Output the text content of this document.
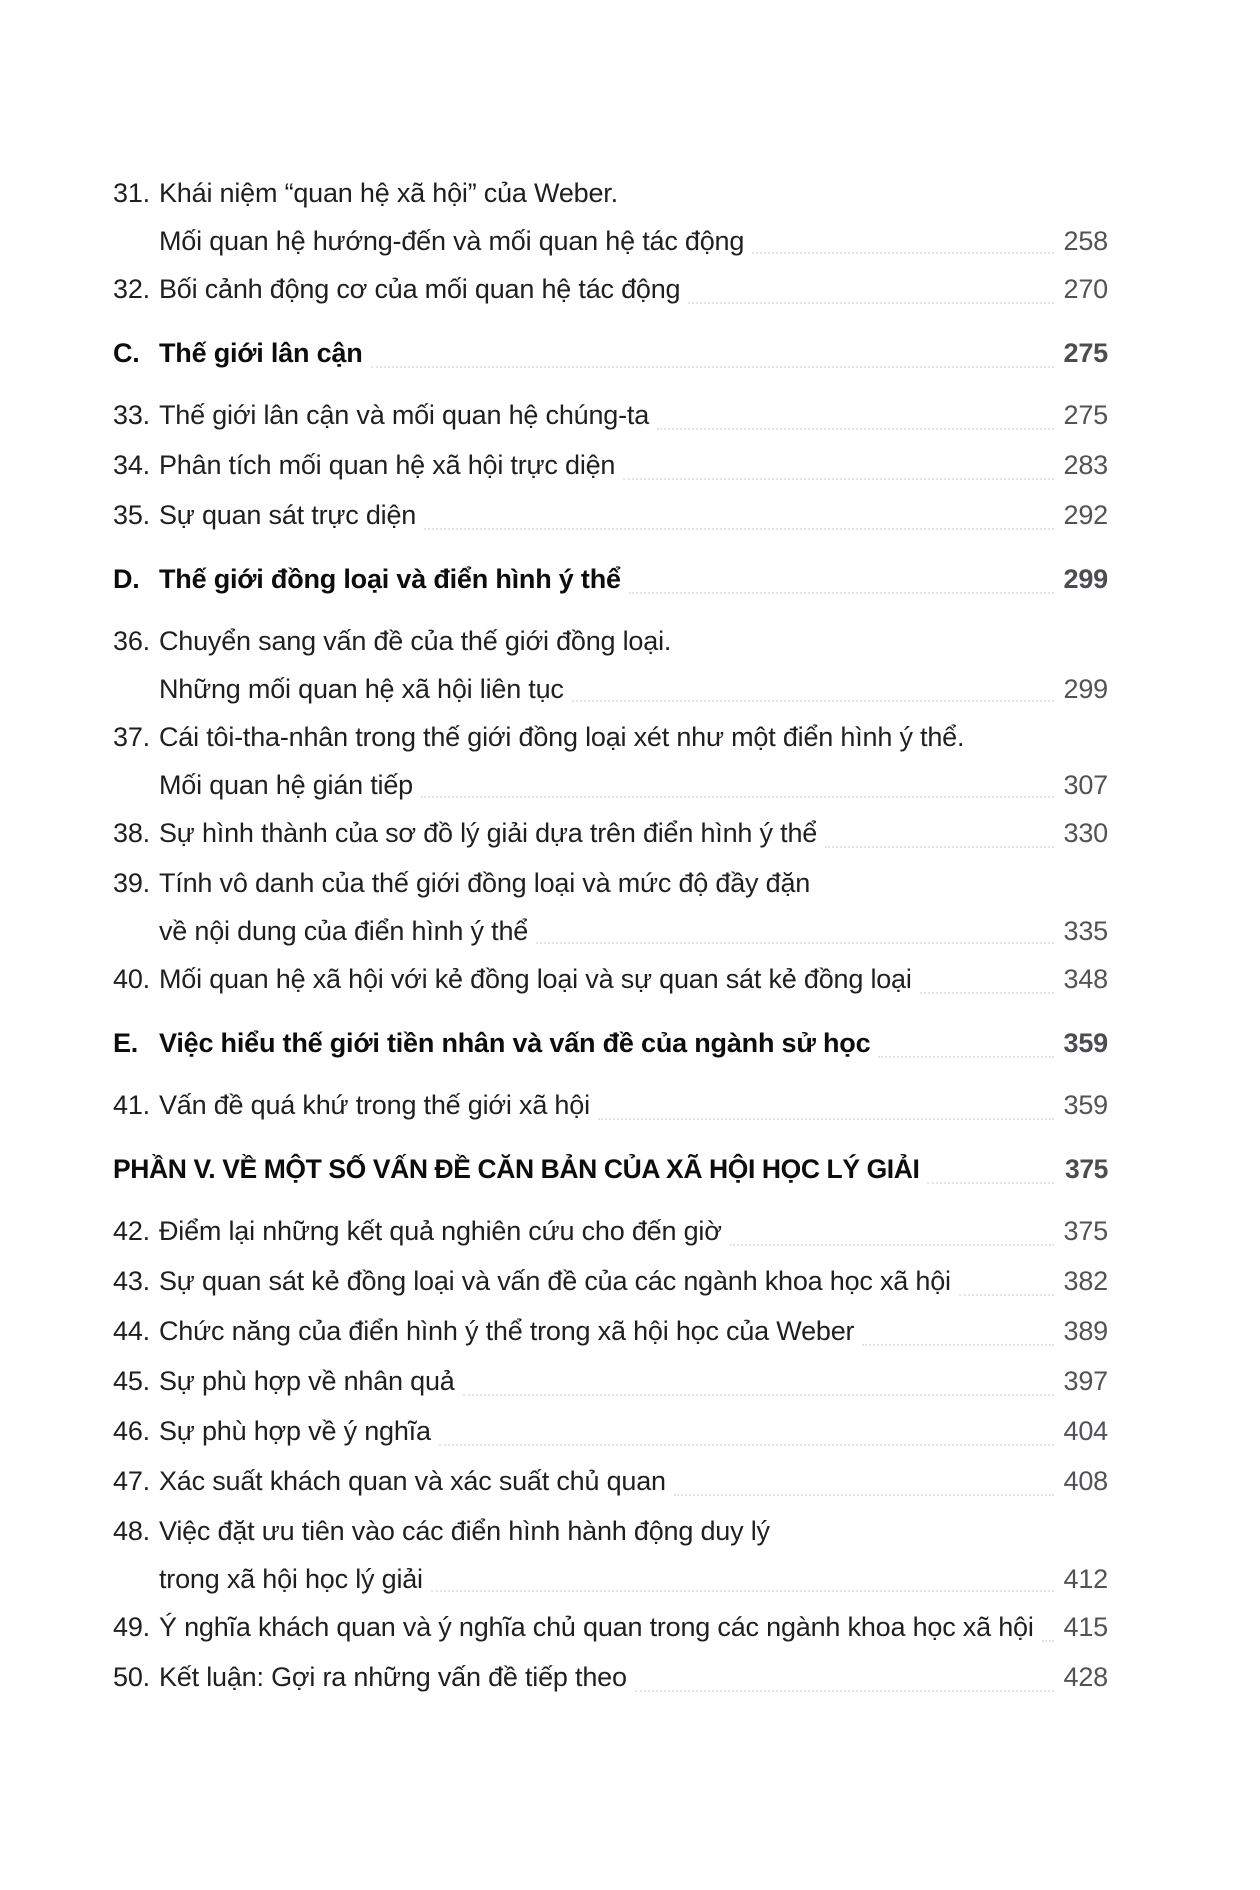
31. Khái niệm “quan hệ xã hội” của Weber.
Mối quan hệ hướng-đến và mối quan hệ tác động	258
32. Bối cảnh động cơ của mối quan hệ tác động	270
C. Thế giới lân cận	275
33. Thế giới lân cận và mối quan hệ chúng-ta	275
34. Phân tích mối quan hệ xã hội trực diện	283
35. Sự quan sát trực diện	292
D. Thế giới đồng loại và điển hình ý thể	299
36. Chuyển sang vấn đề của thế giới đồng loại.
Những mối quan hệ xã hội liên tục	299
37. Cái tôi-tha-nhân trong thế giới đồng loại xét như một điển hình ý thể.
Mối quan hệ gián tiếp	307
38. Sự hình thành của sơ đồ lý giải dựa trên điển hình ý thể	330
39. Tính vô danh của thế giới đồng loại và mức độ đầy đặn
về nội dung của điển hình ý thể	335
40. Mối quan hệ xã hội với kẻ đồng loại và sự quan sát kẻ đồng loại	348
E. Việc hiểu thế giới tiền nhân và vấn đề của ngành sử học	359
41. Vấn đề quá khứ trong thế giới xã hội	359
PHẦN V. VỀ MỘT SỐ VẤN ĐỀ CĂN BẢN CỦA XÃ HỘI HỌC LÝ GIẢI	375
42. Điểm lại những kết quả nghiên cứu cho đến giờ	375
43. Sự quan sát kẻ đồng loại và vấn đề của các ngành khoa học xã hội	382
44. Chức năng của điển hình ý thể trong xã hội học của Weber	389
45. Sự phù hợp về nhân quả	397
46. Sự phù hợp về ý nghĩa	404
47. Xác suất khách quan và xác suất chủ quan	408
48. Việc đặt ưu tiên vào các điển hình hành động duy lý
trong xã hội học lý giải	412
49. Ý nghĩa khách quan và ý nghĩa chủ quan trong các ngành khoa học xã hội 415
50. Kết luận: Gợi ra những vấn đề tiếp theo	428
